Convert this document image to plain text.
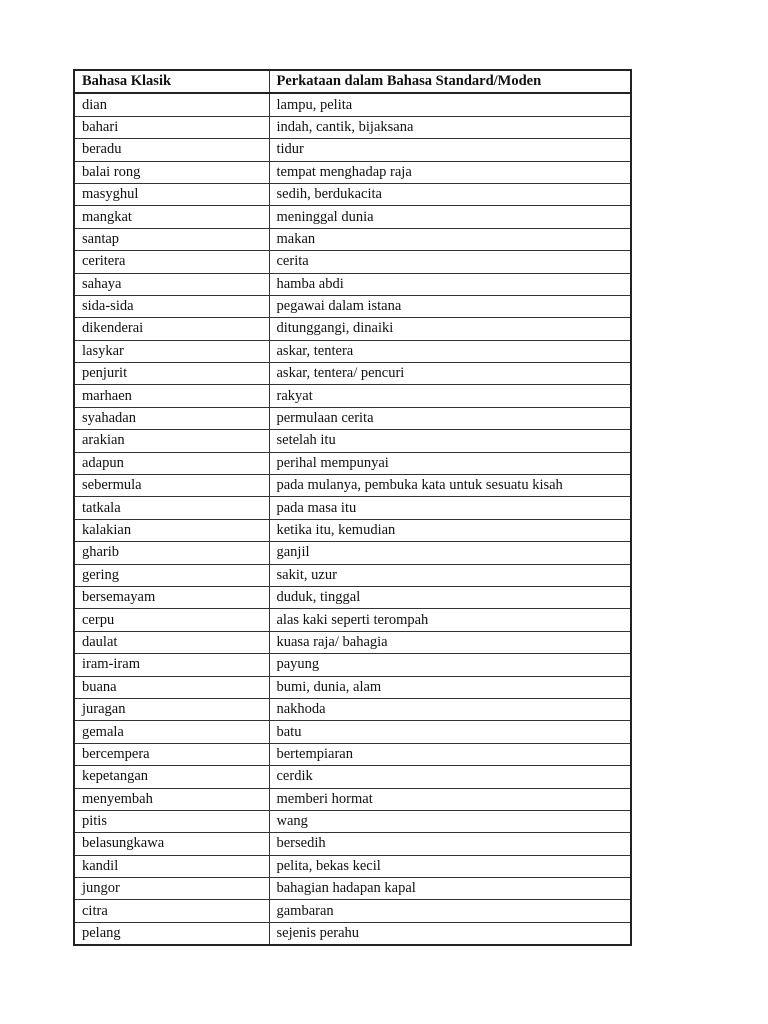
Bahasa Klasik	Perkataan dalam Bahasa Standard/Moden
dian	lampu, pelita
bahari	indah, cantik, bijaksana
beradu	tidur
balai rong	tempat menghadap raja
masyghul	sedih, berdukacita
mangkat	meninggal dunia
santap	makan
ceritera	cerita
sahaya	hamba abdi
sida-sida	pegawai dalam istana
dikenderai	ditunggangi, dinaiki
lasykar	askar, tentera
penjurit	askar, tentera/ pencuri
marhaen	rakyat
syahadan	permulaan cerita
arakian	setelah itu
adapun	perihal mempunyai
sebermula	pada mulanya, pembuka kata untuk sesuatu kisah
tatkala	pada masa itu
kalakian	ketika itu, kemudian
gharib	ganjil
gering	sakit, uzur
bersemayam	duduk, tinggal
cerpu	alas kaki seperti terompah
daulat	kuasa raja/ bahagia
iram-iram	payung
buana	bumi, dunia, alam
juragan	nakhoda
gemala	batu
bercempera	bertempiaran
kepetangan	cerdik
menyembah	memberi hormat
pitis	wang
belasungkawa	bersedih
kandil	pelita, bekas kecil
jungor	bahagian hadapan kapal
citra	gambaran
pelang	sejenis perahu
